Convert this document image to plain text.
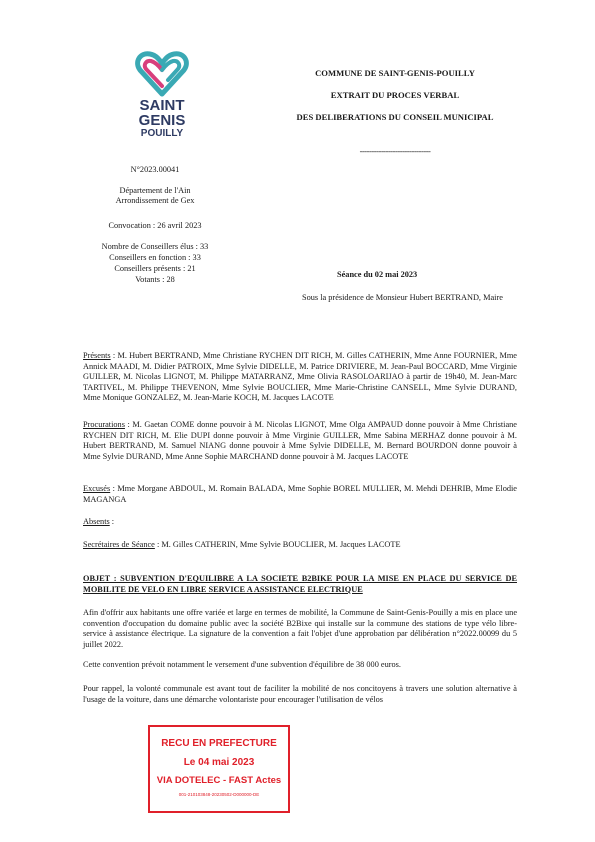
SAINT
GENIS
POUILLY
COMMUNE DE SAINT-GENIS-POUILLY
EXTRAIT DU PROCES VERBAL
DES DELIBERATIONS DU CONSEIL MUNICIPAL
------------------------------
N°2023.00041
Département de l'Ain
Arrondissement de Gex
Convocation : 26 avril 2023
Nombre de Conseillers élus : 33
Conseillers en fonction : 33
Conseillers présents : 21
Votants : 28
Séance du 02 mai 2023
Sous la présidence de Monsieur Hubert BERTRAND, Maire
Présents : M. Hubert BERTRAND, Mme Christiane RYCHEN DIT RICH, M. Gilles CATHERIN, Mme Anne FOURNIER, Mme Annick MAADI, M. Didier PATROIX, Mme Sylvie DIDELLE, M. Patrice DRIVIERE, M. Jean-Paul BOCCARD, Mme Virginie GUILLER, M. Nicolas LIGNOT, M. Philippe MATARRANZ, Mme Olivia RASOLOARIJAO à partir de 19h40, M. Jean-Marc TARTIVEL, M. Philippe THEVENON, Mme Sylvie BOUCLIER, Mme Marie-Christine CANSELL, Mme Sylvie DURAND, Mme Monique GONZALEZ, M. Jean-Marie KOCH, M. Jacques LACOTE
Procurations : M. Gaetan COME donne pouvoir à M. Nicolas LIGNOT, Mme Olga AMPAUD donne pouvoir à Mme Christiane RYCHEN DIT RICH, M. Elie DUPI donne pouvoir à Mme Virginie GUILLER, Mme Sabina MERHAZ donne pouvoir à M. Hubert BERTRAND, M. Samuel NIANG donne pouvoir à Mme Sylvie DIDELLE, M. Bernard BOURDON donne pouvoir à Mme Sylvie DURAND, Mme Anne Sophie MARCHAND donne pouvoir à M. Jacques LACOTE
Excusés : Mme Morgane ABDOUL, M. Romain BALADA, Mme Sophie BOREL MULLIER, M. Mehdi DEHRIB, Mme Elodie MAGANGA
Absents :
Secrétaires de Séance : M. Gilles CATHERIN, Mme Sylvie BOUCLIER, M. Jacques LACOTE
OBJET : SUBVENTION D'EQUILIBRE A LA SOCIETE B2BIKE POUR LA MISE EN PLACE DU SERVICE DE MOBILITE DE VELO EN LIBRE SERVICE A ASSISTANCE ELECTRIQUE
Afin d'offrir aux habitants une offre variée et large en termes de mobilité, la Commune de Saint-Genis-Pouilly a mis en place une convention d'occupation du domaine public avec la société B2Bixe qui installe sur la commune des stations de type vélo libre-service à assistance électrique. La signature de la convention a fait l'objet d'une approbation par délibération n°2022.00099 du 5 juillet 2022.
Cette convention prévoit notamment le versement d'une subvention d'équilibre de 38 000 euros.
Pour rappel, la volonté communale est avant tout de faciliter la mobilité de nos concitoyens à travers une solution alternative à l'usage de la voiture, dans une démarche volontariste pour encourager l'utilisation de vélos
RECU EN PREFECTURE
Le 04 mai 2023
VIA DOTELEC - FAST Actes
001-210103848-20230502-D000000-DE
